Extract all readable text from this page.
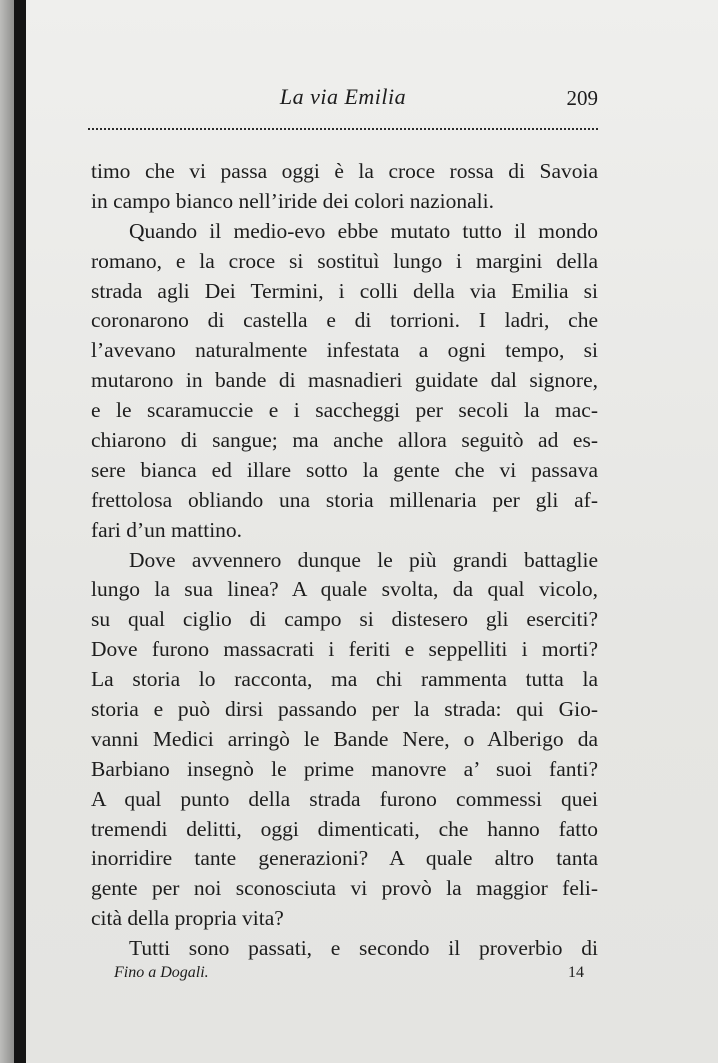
La via Emilia	209
timo che vi passa oggi è la croce rossa di Savoia
in campo bianco nell’iride dei colori nazionali.
Quando il medio-evo ebbe mutato tutto il mondo
romano, e la croce si sostituì lungo i margini della
strada agli Dei Termini, i colli della via Emilia si
coronarono di castella e di torrioni. I ladri, che
l’avevano naturalmente infestata a ogni tempo, si
mutarono in bande di masnadieri guidate dal signore,
e le scaramuccie e i saccheggi per secoli la mac-
chiarono di sangue; ma anche allora seguitò ad es-
sere bianca ed illare sotto la gente che vi passava
frettolosa obliando una storia millenaria per gli af-
fari d’un mattino.
Dove avvennero dunque le più grandi battaglie
lungo la sua linea? A quale svolta, da qual vicolo,
su qual ciglio di campo si distesero gli eserciti?
Dove furono massacrati i feriti e seppelliti i morti?
La storia lo racconta, ma chi rammenta tutta la
storia e può dirsi passando per la strada: qui Gio-
vanni Medici arringò le Bande Nere, o Alberigo da
Barbiano insegnò le prime manovre a’ suoi fanti?
A qual punto della strada furono commessi quei
tremendi delitti, oggi dimenticati, che hanno fatto
inorridire tante generazioni? A quale altro tanta
gente per noi sconosciuta vi provò la maggior feli-
cità della propria vita?
Tutti sono passati, e secondo il proverbio di
Fino a Dogali.	14
